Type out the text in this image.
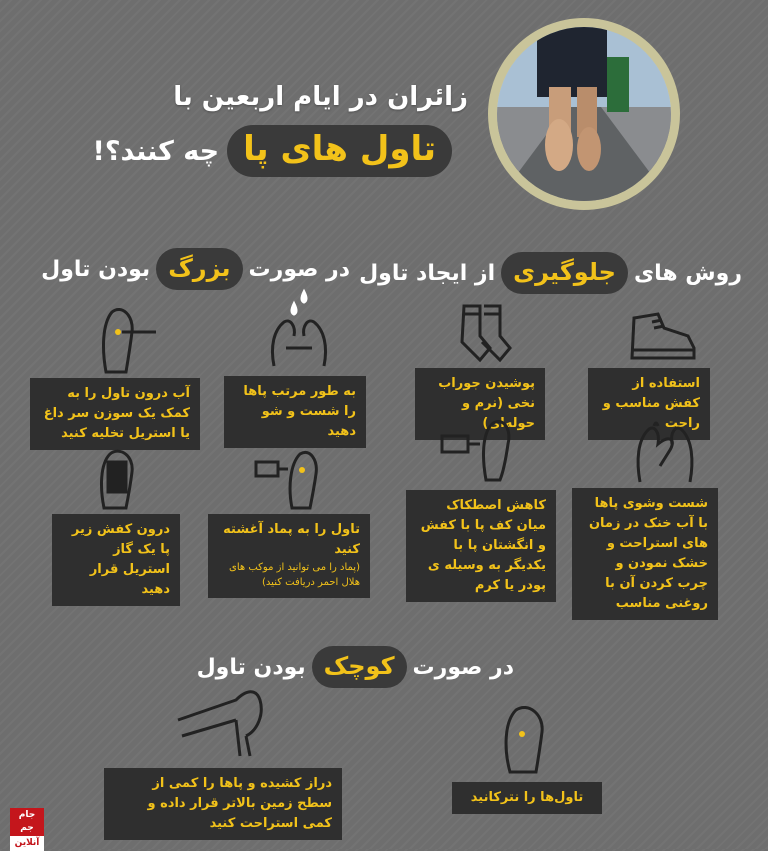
زائران در ایام اربعین با
تاول های پا
چه کنند؟!
روش های
جلوگیری
از ایجاد تاول
در صورت
بزرگ
بودن تاول
استفاده از کفش مناسب و راحت
پوشیدن جوراب نخی (نرم و حوله‌ای)
شست وشوی پاها با آب خنک در زمان های استراحت و خشک نمودن و چرب کردن آن با روغنی مناسب
کاهش اصطکاک میان کف پا با کفش و انگشتان پا با یکدیگر به وسیله ی پودر یا کرم
به طور مرتب پاها را شست و شو دهید
آب درون تاول را به کمک یک سوزن سر داغ یا استریل تخلیه کنید
تاول را به پماد آغشته کنید
(پماد را می توانید از موکب های هلال احمر دریافت کنید)
درون کفش زیر پا یک گاز استریل قرار دهید
در صورت
کوچک
بودن تاول
تاول‌ها را نترکانید
دراز کشیده و پاها را کمی از سطح زمین بالاتر قرار داده و کمی استراحت کنید
جام جم
آنلاین
